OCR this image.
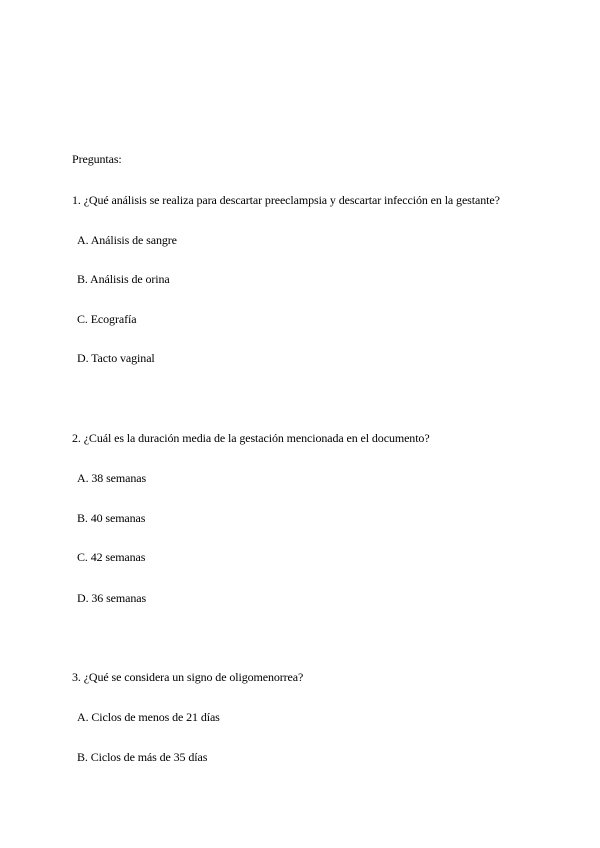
Preguntas:
1. ¿Qué análisis se realiza para descartar preeclampsia y descartar infección en la gestante?
A. Análisis de sangre
B. Análisis de orina
C. Ecografía
D. Tacto vaginal
2. ¿Cuál es la duración media de la gestación mencionada en el documento?
A. 38 semanas
B. 40 semanas
C. 42 semanas
D. 36 semanas
3. ¿Qué se considera un signo de oligomenorrea?
A. Ciclos de menos de 21 días
B. Ciclos de más de 35 días
